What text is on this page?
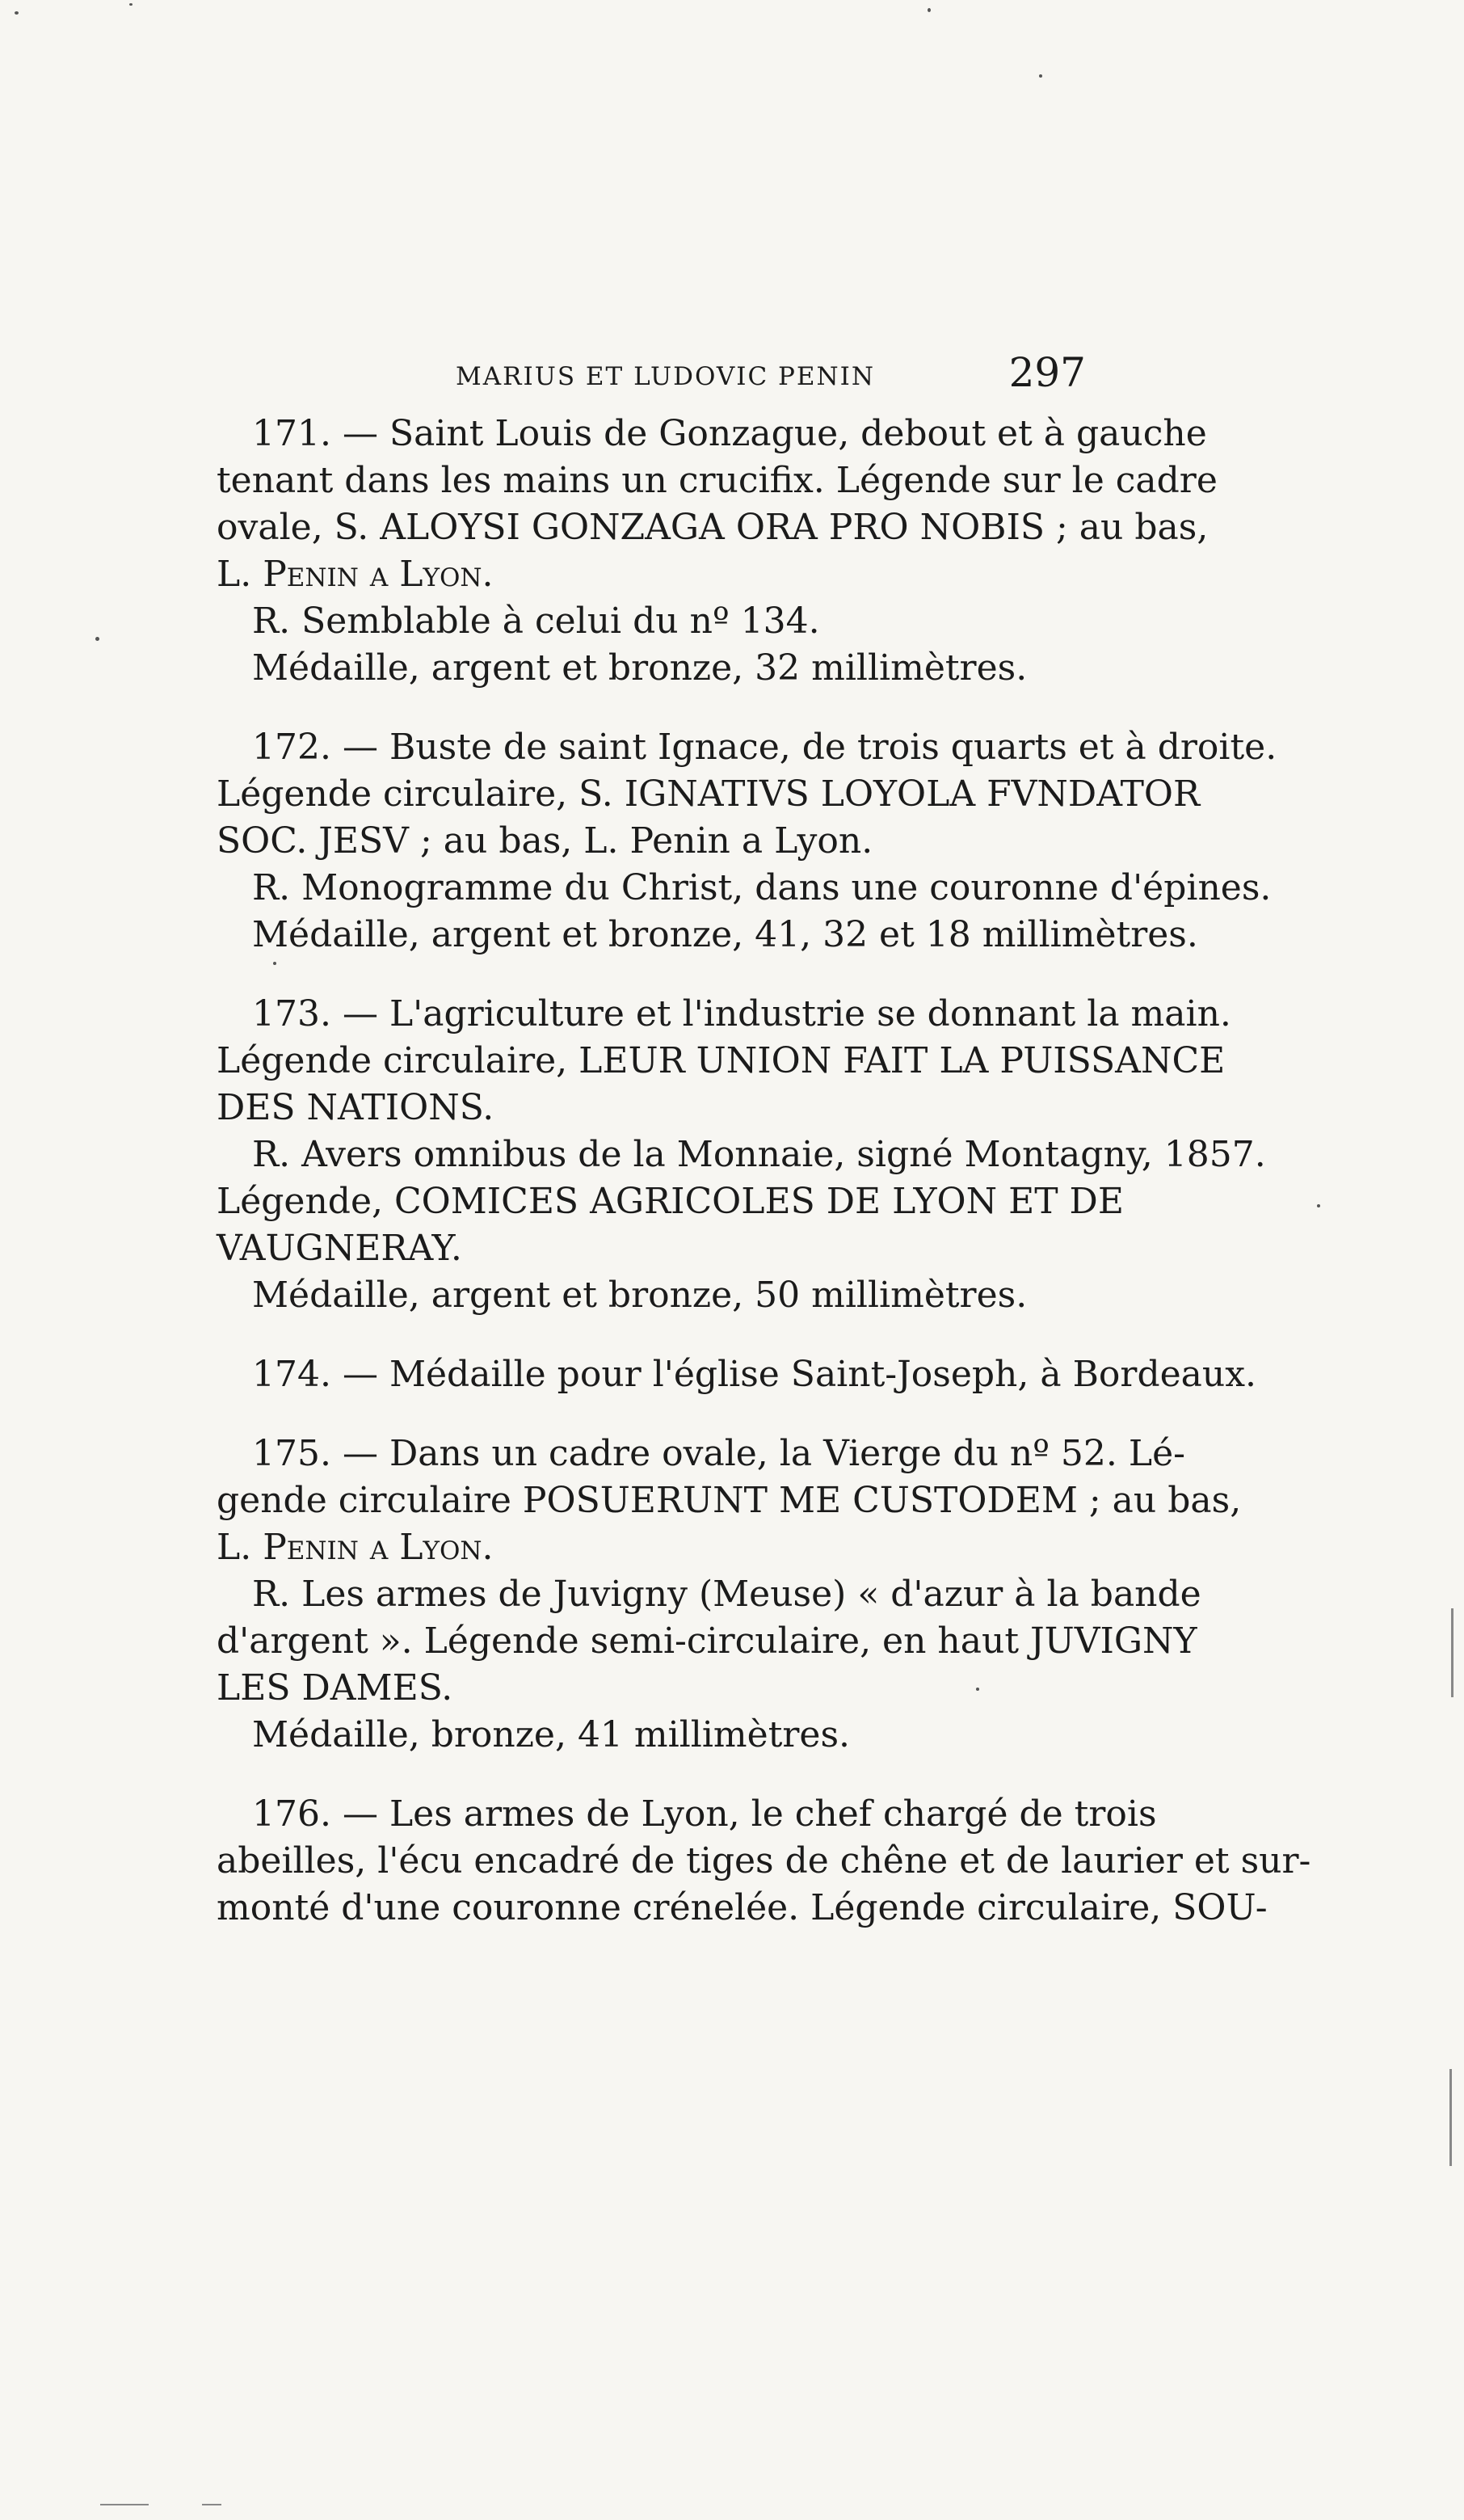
MARIUS ET LUDOVIC PENIN	297
171. — Saint Louis de Gonzague, debout et à gauche
tenant dans les mains un crucifix. Légende sur le cadre
ovale, S. ALOYSI GONZAGA ORA PRO NOBIS ; au bas,
L. Penin a Lyon.
R. Semblable à celui du nº 134.
Médaille, argent et bronze, 32 millimètres.
172. — Buste de saint Ignace, de trois quarts et à droite.
Légende circulaire, S. IGNATIVS LOYOLA FVNDATOR
SOC. JESV ; au bas, L. Penin a Lyon.
R. Monogramme du Christ, dans une couronne d'épines.
Médaille, argent et bronze, 41, 32 et 18 millimètres.
173. — L'agriculture et l'industrie se donnant la main.
Légende circulaire, LEUR UNION FAIT LA PUISSANCE
DES NATIONS.
R. Avers omnibus de la Monnaie, signé Montagny, 1857.
Légende, COMICES AGRICOLES DE LYON ET DE
VAUGNERAY.
Médaille, argent et bronze, 50 millimètres.
174. — Médaille pour l'église Saint-Joseph, à Bordeaux.
175. — Dans un cadre ovale, la Vierge du nº 52. Lé-
gende circulaire POSUERUNT ME CUSTODEM ; au bas,
L. Penin a Lyon.
R. Les armes de Juvigny (Meuse) « d'azur à la bande
d'argent ». Légende semi-circulaire, en haut JUVIGNY
LES DAMES.
Médaille, bronze, 41 millimètres.
176. — Les armes de Lyon, le chef chargé de trois
abeilles, l'écu encadré de tiges de chêne et de laurier et sur-
monté d'une couronne crénelée. Légende circulaire, SOU-
